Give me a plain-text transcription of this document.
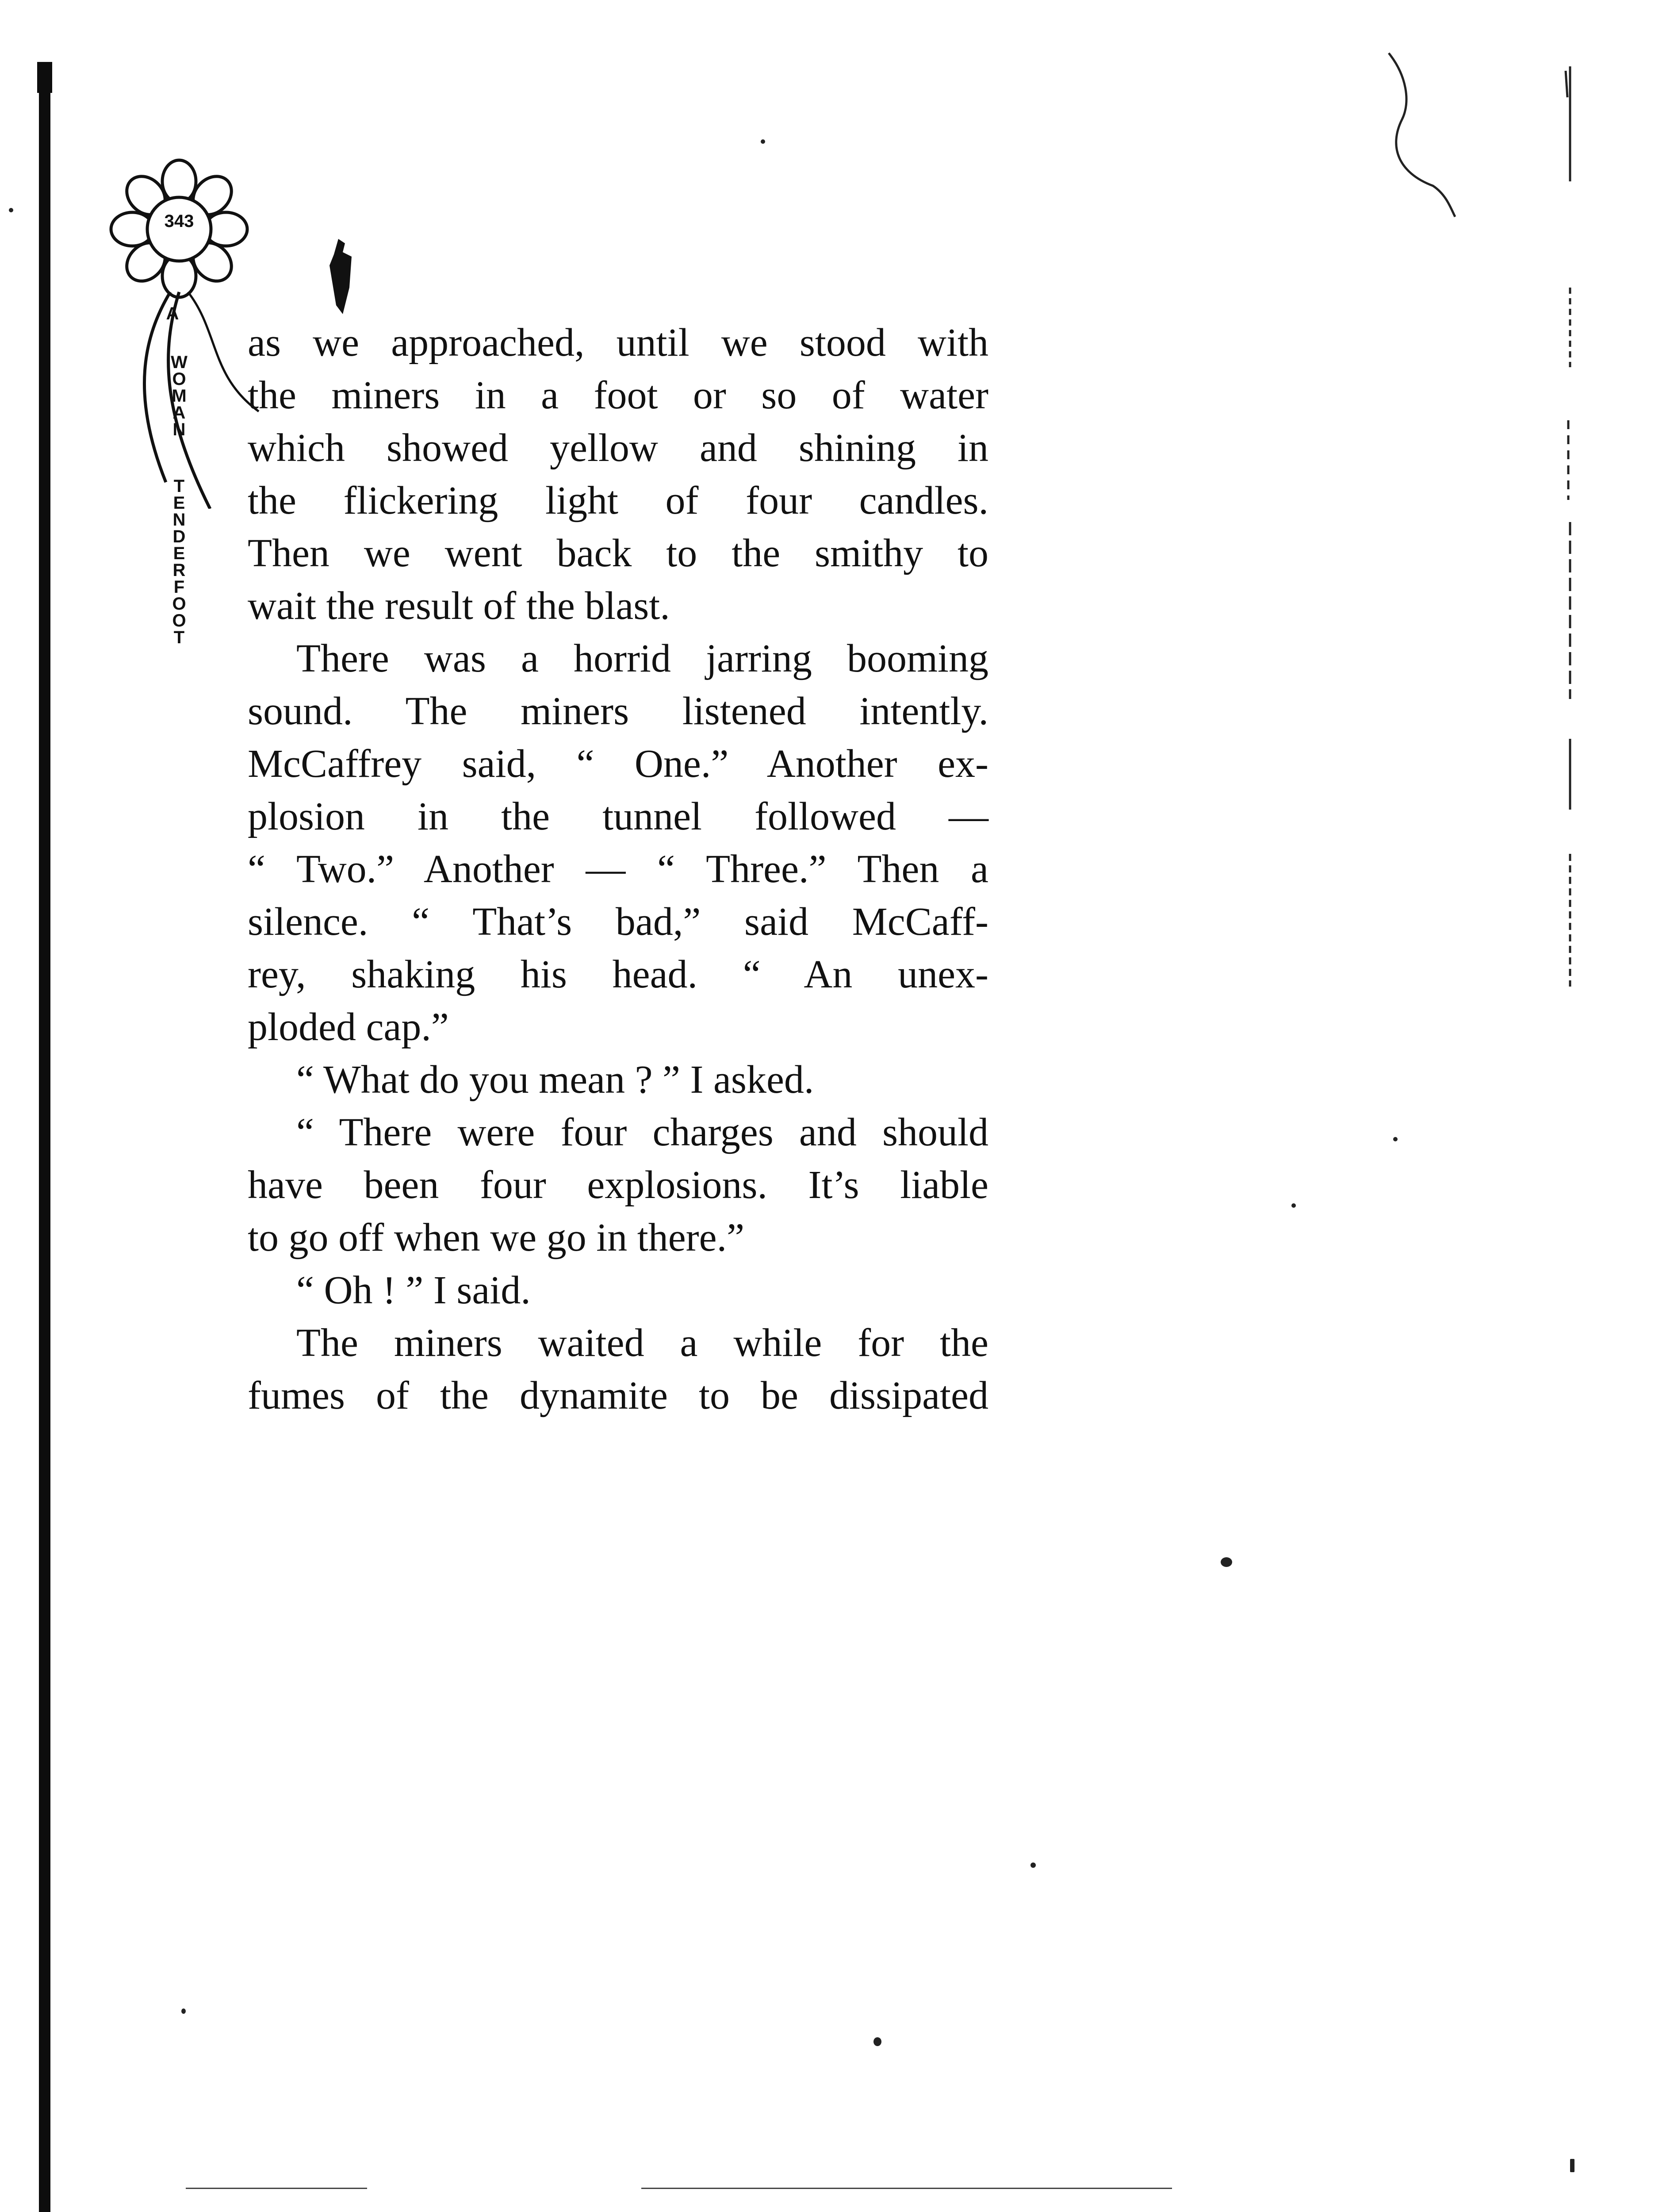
343
A
W
O
M
A
N
T
E
N
D
E
R
F
O
O
T
as we approached, until we stood with
the miners in a foot or so of water
which showed yellow and shining in
the flickering light of four candles.
Then we went back to the smithy to
wait the result of the blast.
There was a horrid jarring booming
sound. The miners listened intently.
McCaffrey said, “ One.” Another ex-
plosion in the tunnel followed —
“ Two.” Another — “ Three.” Then a
silence. “ That’s bad,” said McCaff-
rey, shaking his head. “ An unex-
ploded cap.”
“ What do you mean ? ” I asked.
“ There were four charges and should
have been four explosions. It’s liable
to go off when we go in there.”
“ Oh ! ” I said.
The miners waited a while for the
fumes of the dynamite to be dissipated
